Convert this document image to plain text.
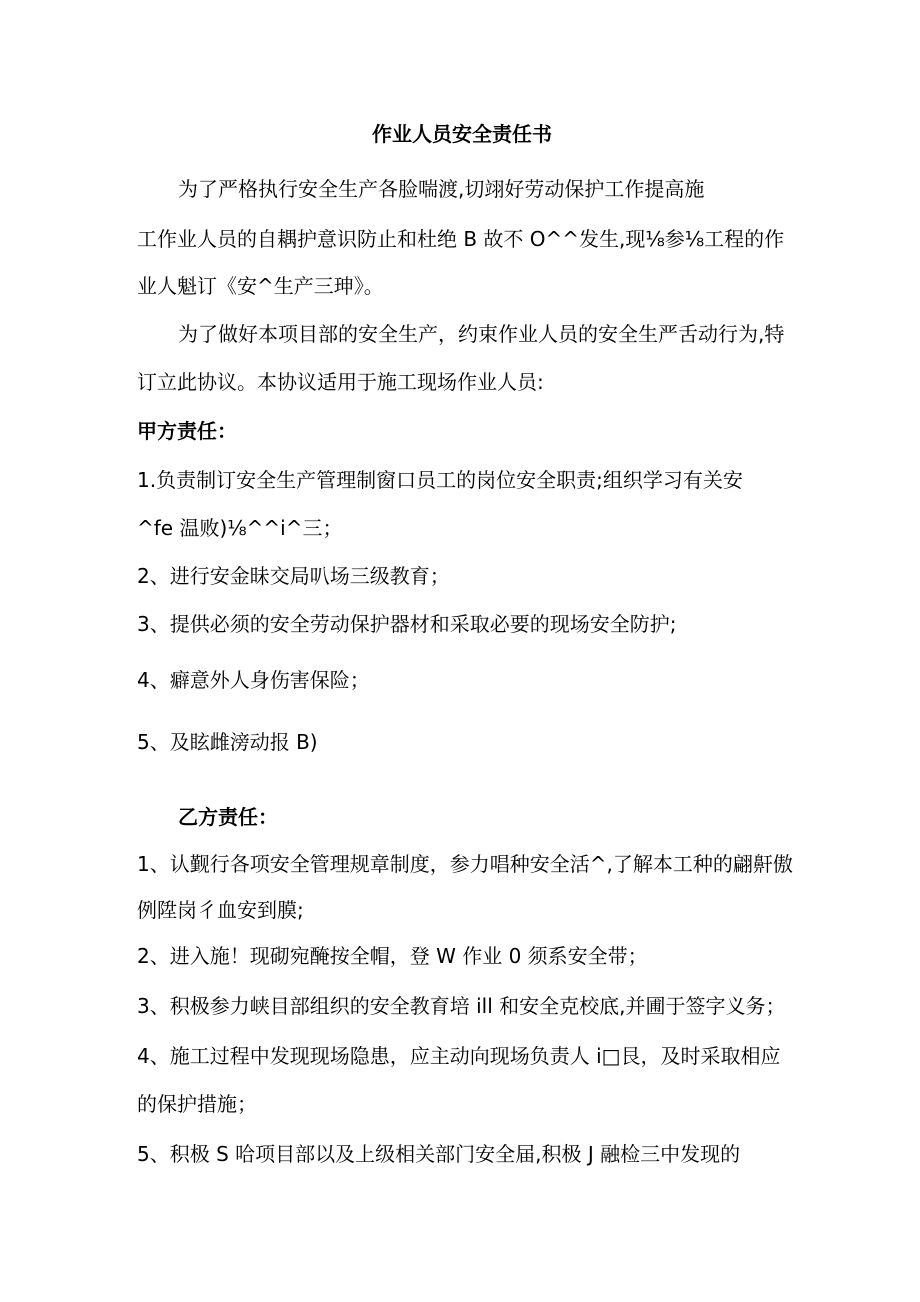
作业人员安全责任书
为了严格执行安全生产各脸喘渡,切翊好劳动保护工作提高施
工作业人员的自耦护意识防止和杜绝 B 故不 O^^发生,现⅛参⅛工程的作
业人魁订《安^生产三珅》。
为了做好本项目部的安全生产，约束作业人员的安全生严舌动行为,特
订立此协议。本协议适用于施工现场作业人员:
甲方责任：
1.负责制订安全生产管理制窗口员工的岗位安全职责;组织学习有关安
^fe 温败)⅛^^i^三；
2、进行安金昧交局叭场三级教育；
3、提供必须的安全劳动保护器材和采取必要的现场安全防护;
4、癖意外人身伤害保险；
5、及眩雌滂动报 B)
乙方责任：
1、认觐行各项安全管理规章制度，参力唱种安全活^,了解本工种的翩鼾傲
例陞岗彳血安到膜;
2、进入施！现砌宛醃按全帽，登 W 作业 0 须系安全带；
3、积极参力峡目部组织的安全教育培 ill 和安全克校底,并圃于签字义务；
4、施工过程中发现现场隐患，应主动向现场负责人 i□艮，及时采取相应
的保护措施；
5、积极 S 哈项目部以及上级相关部门安全届,积极 J 融检三中发现的
